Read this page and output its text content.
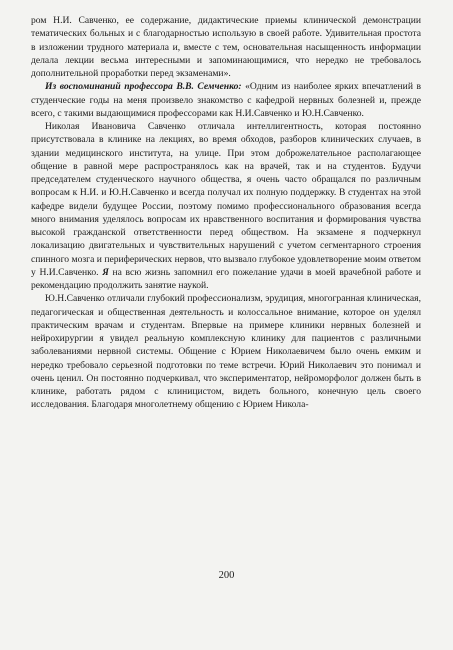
ром Н.И. Савченко, ее содержание, дидактические приемы клинической демонстрации тематических больных и с благодарностью использую в своей работе. Удивительная простота в изложении трудного материала и, вместе с тем, основательная насыщенность информации делала лекции весьма интересными и запоминающимися, что нередко не требовалось дополнительной проработки перед экзаменами».

Из воспоминаний профессора В.В. Семченко: «Одним из наиболее ярких впечатлений в студенческие годы на меня произвело знакомство с кафедрой нервных болезней и, прежде всего, с такими выдающимися профессорами как Н.И.Савченко и Ю.Н.Савченко.

Николая Ивановича Савченко отличала интеллигентность, которая постоянно присутствовала в клинике на лекциях, во время обходов, разборов клинических случаев, в здании медицинского института, на улице. При этом доброжелательное располагающее общение в равной мере распространялось как на врачей, так и на студентов. Будучи председателем студенческого научного общества, я очень часто обращался по различным вопросам к Н.И. и Ю.Н.Савченко и всегда получал их полную поддержку. В студентах на этой кафедре видели будущее России, поэтому помимо профессионального образования всегда много внимания уделялось вопросам их нравственного воспитания и формирования чувства высокой гражданской ответственности перед обществом. На экзамене я подчеркнул локализацию двигательных и чувствительных нарушений с учетом сегментарного строения спинного мозга и периферических нервов, что вызвало глубокое удовлетворение моим ответом у Н.И.Савченко. Я на всю жизнь запомнил его пожелание удачи в моей врачебной работе и рекомендацию продолжить занятие наукой.

Ю.Н.Савченко отличали глубокий профессионализм, эрудиция, многогранная клиническая, педагогическая и общественная деятельность и колоссальное внимание, которое он уделял практическим врачам и студентам. Впервые на примере клиники нервных болезней и нейрохирургии я увидел реальную комплексную клинику для пациентов с различными заболеваниями нервной системы. Общение с Юрием Николаевичем было очень емким и нередко требовало серьезной подготовки по теме встречи. Юрий Николаевич это понимал и очень ценил. Он постоянно подчеркивал, что экспериментатор, нейроморфолог должен быть в клинике, работать рядом с клиницистом, видеть больного, конечную цель своего исследования. Благодаря многолетнему общению с Юрием Никола-

200
